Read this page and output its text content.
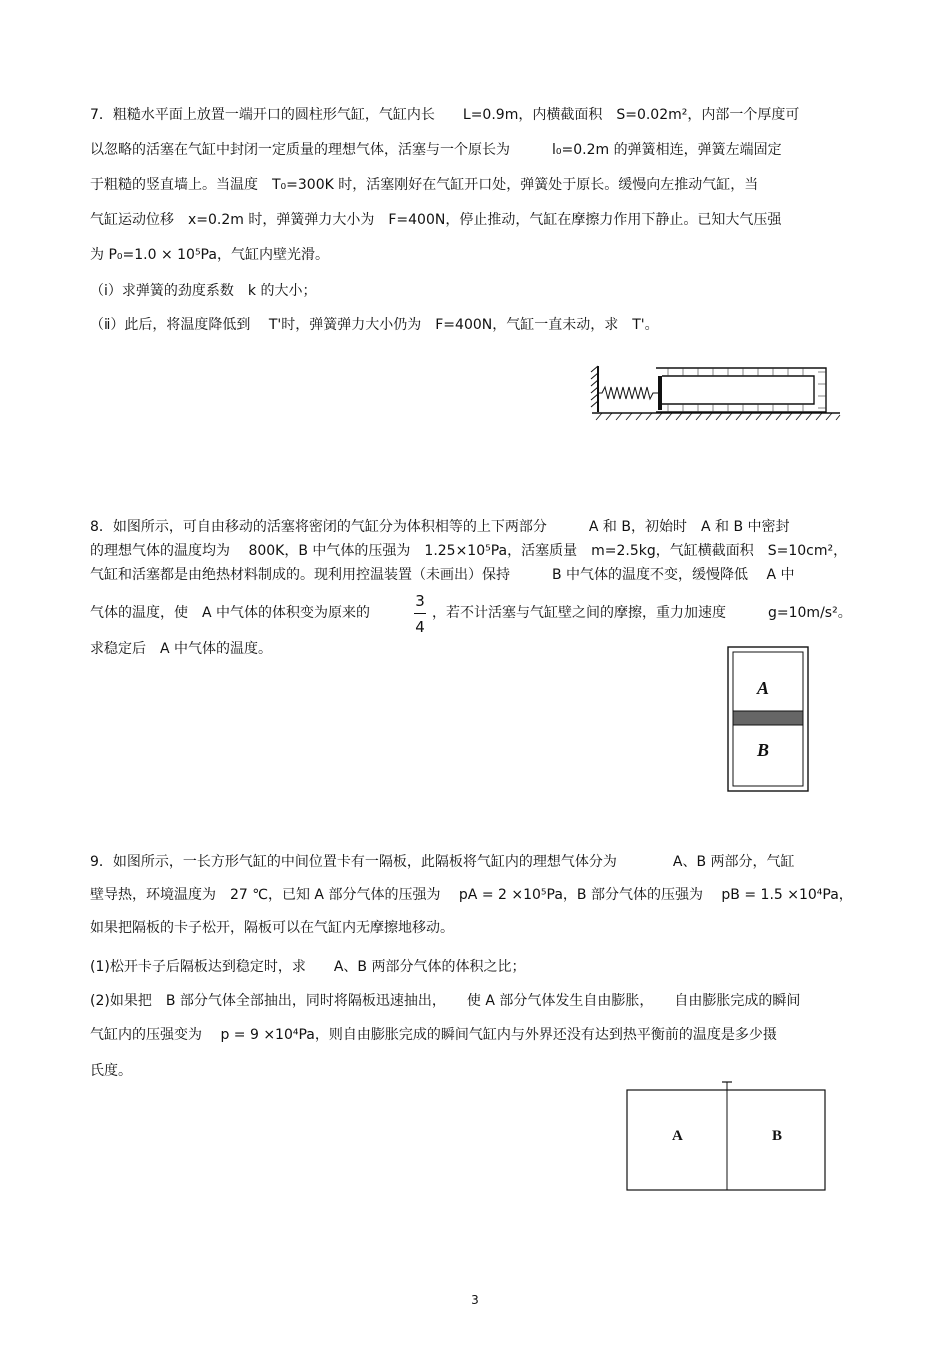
7．粗糙水平面上放置一端开口的圆柱形气缸，气缸内长　　L=0.9m，内横截面积　S=0.02m²，内部一个厚度可
以忽略的活塞在气缸中封闭一定质量的理想气体，活塞与一个原长为　　　l₀=0.2m 的弹簧相连，弹簧左端固定
于粗糙的竖直墙上。当温度　T₀=300K 时，活塞刚好在气缸开口处，弹簧处于原长。缓慢向左推动气缸，当
气缸运动位移　x=0.2m 时，弹簧弹力大小为　F=400N，停止推动，气缸在摩擦力作用下静止。已知大气压强
为 P₀=1.0 × 10⁵Pa，气缸内壁光滑。
（ⅰ）求弹簧的劲度系数　k 的大小；
（ⅱ）此后，将温度降低到　 T'时，弹簧弹力大小仍为　F=400N，气缸一直未动，求　T'。
8．如图所示，可自由移动的活塞将密闭的气缸分为体积相等的上下两部分　　　A 和 B，初始时　A 和 B 中密封
的理想气体的温度均为　 800K，B 中气体的压强为　1.25×10⁵Pa，活塞质量　m=2.5kg，气缸横截面积　S=10cm²，
气缸和活塞都是由绝热材料制成的。现利用控温装置（未画出）保持　　　B 中气体的温度不变，缓慢降低　 A 中
气体的温度，使　A 中气体的体积变为原来的
3
4
，若不计活塞与气缸壁之间的摩擦，重力加速度　　　g=10m/s²。
求稳定后　A 中气体的温度。
A
B
9．如图所示，一长方形气缸的中间位置卡有一隔板，此隔板将气缸内的理想气体分为　　　　A、B 两部分，气缸
壁导热，环境温度为　27 ℃，已知 A 部分气体的压强为　 pA = 2 ×10⁵Pa，B 部分气体的压强为　 pB = 1.5 ×10⁴Pa，
如果把隔板的卡子松开，隔板可以在气缸内无摩擦地移动。
(1)松开卡子后隔板达到稳定时，求　　A、B 两部分气体的体积之比；
(2)如果把　B 部分气体全部抽出，同时将隔板迅速抽出，　　使 A 部分气体发生自由膨胀，　　自由膨胀完成的瞬间
气缸内的压强变为　 p = 9 ×10⁴Pa，则自由膨胀完成的瞬间气缸内与外界还没有达到热平衡前的温度是多少摄
氏度。
A	B
3
